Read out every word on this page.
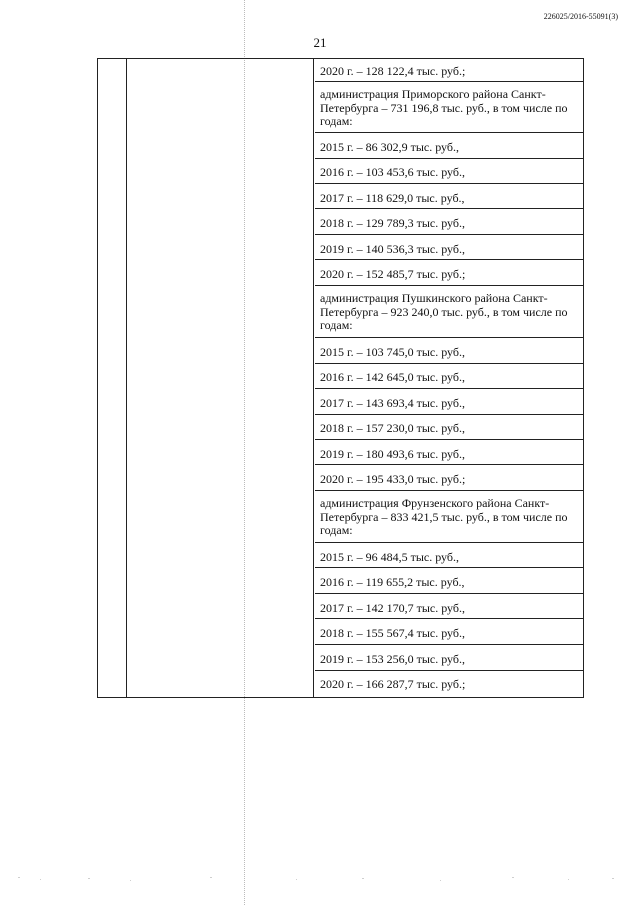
226025/2016-55091(3)
21
2020 г. – 128 122,4 тыс. руб.;
администрация Приморского района Санкт-Петербурга – 731 196,8 тыс. руб., в том числе по годам:
2015 г. – 86 302,9 тыс. руб.,
2016 г. – 103 453,6 тыс. руб.,
2017 г. – 118 629,0 тыс. руб.,
2018 г. – 129 789,3 тыс. руб.,
2019 г. – 140 536,3 тыс. руб.,
2020 г. – 152 485,7 тыс. руб.;
администрация Пушкинского района Санкт-Петербурга – 923 240,0 тыс. руб., в том числе по годам:
2015 г. – 103 745,0 тыс. руб.,
2016 г. – 142 645,0 тыс. руб.,
2017 г. – 143 693,4 тыс. руб.,
2018 г. – 157 230,0 тыс. руб.,
2019 г. – 180 493,6 тыс. руб.,
2020 г. – 195 433,0 тыс. руб.;
администрация Фрунзенского района Санкт-Петербурга – 833 421,5 тыс. руб., в том числе по годам:
2015 г. – 96 484,5 тыс. руб.,
2016 г. – 119 655,2 тыс. руб.,
2017 г. – 142 170,7 тыс. руб.,
2018 г. – 155 567,4 тыс. руб.,
2019 г. – 153 256,0 тыс. руб.,
2020 г. – 166 287,7 тыс. руб.;
